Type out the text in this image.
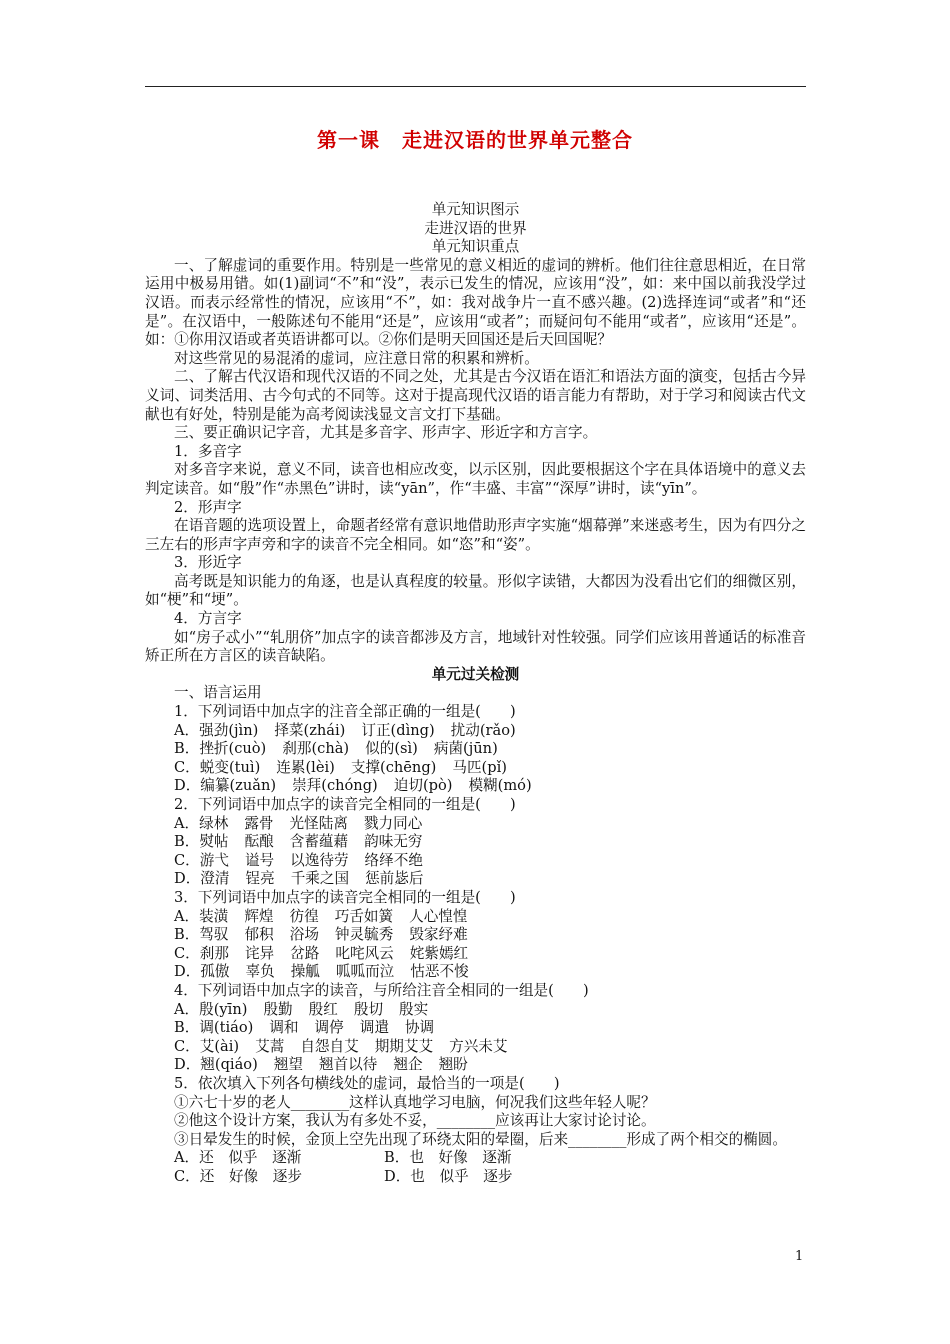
第一课 走进汉语的世界单元整合
单元知识图示
走进汉语的世界
单元知识重点
一、了解虚词的重要作用。特别是一些常见的意义相近的虚词的辨析。他们往往意思相近，在日常运用中极易用错。如(1)副词“不”和“没”，表示已发生的情况，应该用“没”，如：来中国以前我没学过汉语。而表示经常性的情况，应该用“不”，如：我对战争片一直不感兴趣。(2)选择连词“或者”和“还是”。在汉语中，一般陈述句不能用“还是”，应该用“或者”；而疑问句不能用“或者”，应该用“还是”。如：①你用汉语或者英语讲都可以。②你们是明天回国还是后天回国呢？
对这些常见的易混淆的虚词，应注意日常的积累和辨析。
二、了解古代汉语和现代汉语的不同之处，尤其是古今汉语在语汇和语法方面的演变，包括古今异义词、词类活用、古今句式的不同等。这对于提高现代汉语的语言能力有帮助，对于学习和阅读古代文献也有好处，特别是能为高考阅读浅显文言文打下基础。
三、要正确识记字音，尤其是多音字、形声字、形近字和方言字。
1．多音字
对多音字来说，意义不同，读音也相应改变，以示区别，因此要根据这个字在具体语境中的意义去判定读音。如“殷”作“赤黑色”讲时，读“yān”，作“丰盛、丰富”“深厚”讲时，读“yīn”。
2．形声字
在语音题的选项设置上，命题者经常有意识地借助形声字实施“烟幕弹”来迷惑考生，因为有四分之三左右的形声字声旁和字的读音不完全相同。如“恣”和“姿”。
3．形近字
高考既是知识能力的角逐，也是认真程度的较量。形似字读错，大都因为没看出它们的细微区别，如“梗”和“埂”。
4．方言字
如“房子忒小”“轧朋侪”加点字的读音都涉及方言，地域针对性较强。同学们应该用普通话的标准音矫正所在方言区的读音缺陷。
单元过关检测
一、语言运用
1．下列词语中加点字的注音全部正确的一组是(　　)
A．强劲(jìn) 择菜(zhái) 订正(dìng) 扰动(rǎo)
B．挫折(cuò) 刹那(chà) 似的(sì) 病菌(jūn)
C．蜕变(tuì) 连累(lèi) 支撑(chēng) 马匹(pǐ)
D．编纂(zuǎn) 崇拜(chóng) 迫切(pò) 模糊(mó)
2．下列词语中加点字的读音完全相同的一组是(　　)
A．绿林 露骨 光怪陆离 戮力同心
B．熨帖 酝酿 含蓄蕴藉 韵味无穷
C．游弋 谥号 以逸待劳 络绎不绝
D．澄清 锃亮 千乘之国 惩前毖后
3．下列词语中加点字的读音完全相同的一组是(　　)
A．装潢 辉煌 彷徨 巧舌如簧 人心惶惶
B．驾驭 郁积 浴场 钟灵毓秀 毁家纾难
C．刹那 诧异 岔路 叱咤风云 姹紫嫣红
D．孤傲 辜负 操觚 呱呱而泣 怙恶不悛
4．下列词语中加点字的读音，与所给注音全相同的一组是(　　)
A．殷(yīn) 殷勤 殷红 殷切 殷实
B．调(tiáo) 调和 调停 调遣 协调
C．艾(ài) 艾蒿 自怨自艾 期期艾艾 方兴未艾
D．翘(qiáo) 翘望 翘首以待 翘企 翘盼
5．依次填入下列各句横线处的虚词，最恰当的一项是(　　)
①六七十岁的老人________这样认真地学习电脑，何况我们这些年轻人呢？
②他这个设计方案，我认为有多处不妥，________应该再让大家讨论讨论。
③日晕发生的时候，金顶上空先出现了环绕太阳的晕圈，后来________形成了两个相交的椭圆。
A．还　似乎　逐渐	B．也　好像　逐渐
C．还　好像　逐步	D．也　似乎　逐步
1
